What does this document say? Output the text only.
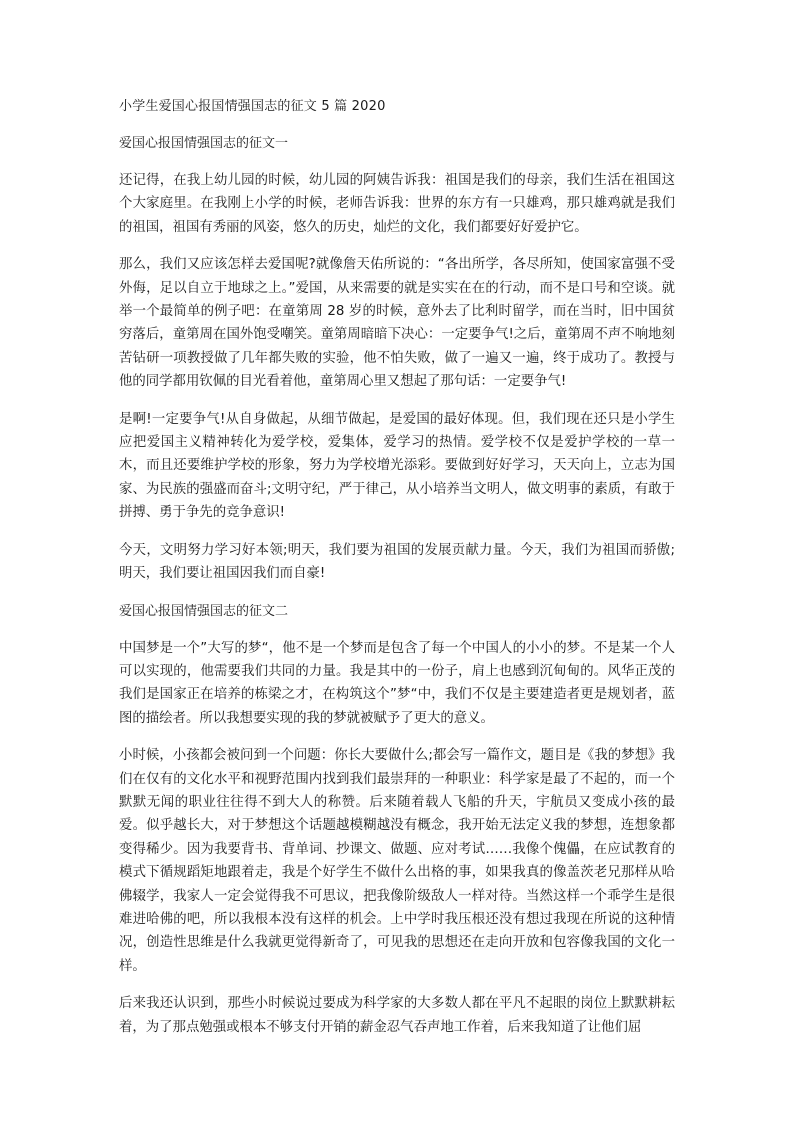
小学生爱国心报国情强国志的征文 5 篇 2020
爱国心报国情强国志的征文一

还记得，在我上幼儿园的时候，幼儿园的阿姨告诉我：祖国是我们的母亲，我们生活在祖国这个大家庭里。在我刚上小学的时候，老师告诉我：世界的东方有一只雄鸡，那只雄鸡就是我们的祖国，祖国有秀丽的风姿，悠久的历史，灿烂的文化，我们都要好好爱护它。

那么，我们又应该怎样去爱国呢?就像詹天佑所说的：“各出所学，各尽所知，使国家富强不受外侮，足以自立于地球之上。”爱国，从来需要的就是实实在在的行动，而不是口号和空谈。就举一个最简单的例子吧：在童第周 28 岁的时候，意外去了比利时留学，而在当时，旧中国贫穷落后，童第周在国外饱受嘲笑。童第周暗暗下决心：一定要争气!之后，童第周不声不响地刻苦钻研一项教授做了几年都失败的实验，他不怕失败，做了一遍又一遍，终于成功了。教授与他的同学都用钦佩的目光看着他，童第周心里又想起了那句话：一定要争气!

是啊!一定要争气!从自身做起，从细节做起，是爱国的最好体现。但，我们现在还只是小学生应把爱国主义精神转化为爱学校，爱集体，爱学习的热情。爱学校不仅是爱护学校的一草一木，而且还要维护学校的形象，努力为学校增光添彩。要做到好好学习，天天向上，立志为国家、为民族的强盛而奋斗;文明守纪，严于律己，从小培养当文明人，做文明事的素质，有敢于拼搏、勇于争先的竞争意识!

今天，文明努力学习好本领;明天，我们要为祖国的发展贡献力量。今天，我们为祖国而骄傲;明天，我们要让祖国因我们而自豪!

爱国心报国情强国志的征文二

中国梦是一个”大写的梦“，他不是一个梦而是包含了每一个中国人的小小的梦。不是某一个人可以实现的，他需要我们共同的力量。我是其中的一份子，肩上也感到沉甸甸的。风华正茂的我们是国家正在培养的栋梁之才，在构筑这个”梦“中，我们不仅是主要建造者更是规划者，蓝图的描绘者。所以我想要实现的我的梦就被赋予了更大的意义。

小时候，小孩都会被问到一个问题：你长大要做什么;都会写一篇作文，题目是《我的梦想》我们在仅有的文化水平和视野范围内找到我们最崇拜的一种职业：科学家是最了不起的，而一个默默无闻的职业往往得不到大人的称赞。后来随着载人飞船的升天，宇航员又变成小孩的最爱。似乎越长大，对于梦想这个话题越模糊越没有概念，我开始无法定义我的梦想，连想象都变得稀少。因为我要背书、背单词、抄课文、做题、应对考试……我像个傀儡，在应试教育的模式下循规蹈矩地跟着走，我是个好学生不做什么出格的事，如果我真的像盖茨老兄那样从哈佛辍学，我家人一定会觉得我不可思议，把我像阶级敌人一样对待。当然这样一个乖学生是很难进哈佛的吧，所以我根本没有这样的机会。上中学时我压根还没有想过我现在所说的这种情况，创造性思维是什么我就更觉得新奇了，可见我的思想还在走向开放和包容像我国的文化一样。

后来我还认识到，那些小时候说过要成为科学家的大多数人都在平凡不起眼的岗位上默默耕耘着，为了那点勉强或根本不够支付开销的薪金忍气吞声地工作着，后来我知道了让他们屈
